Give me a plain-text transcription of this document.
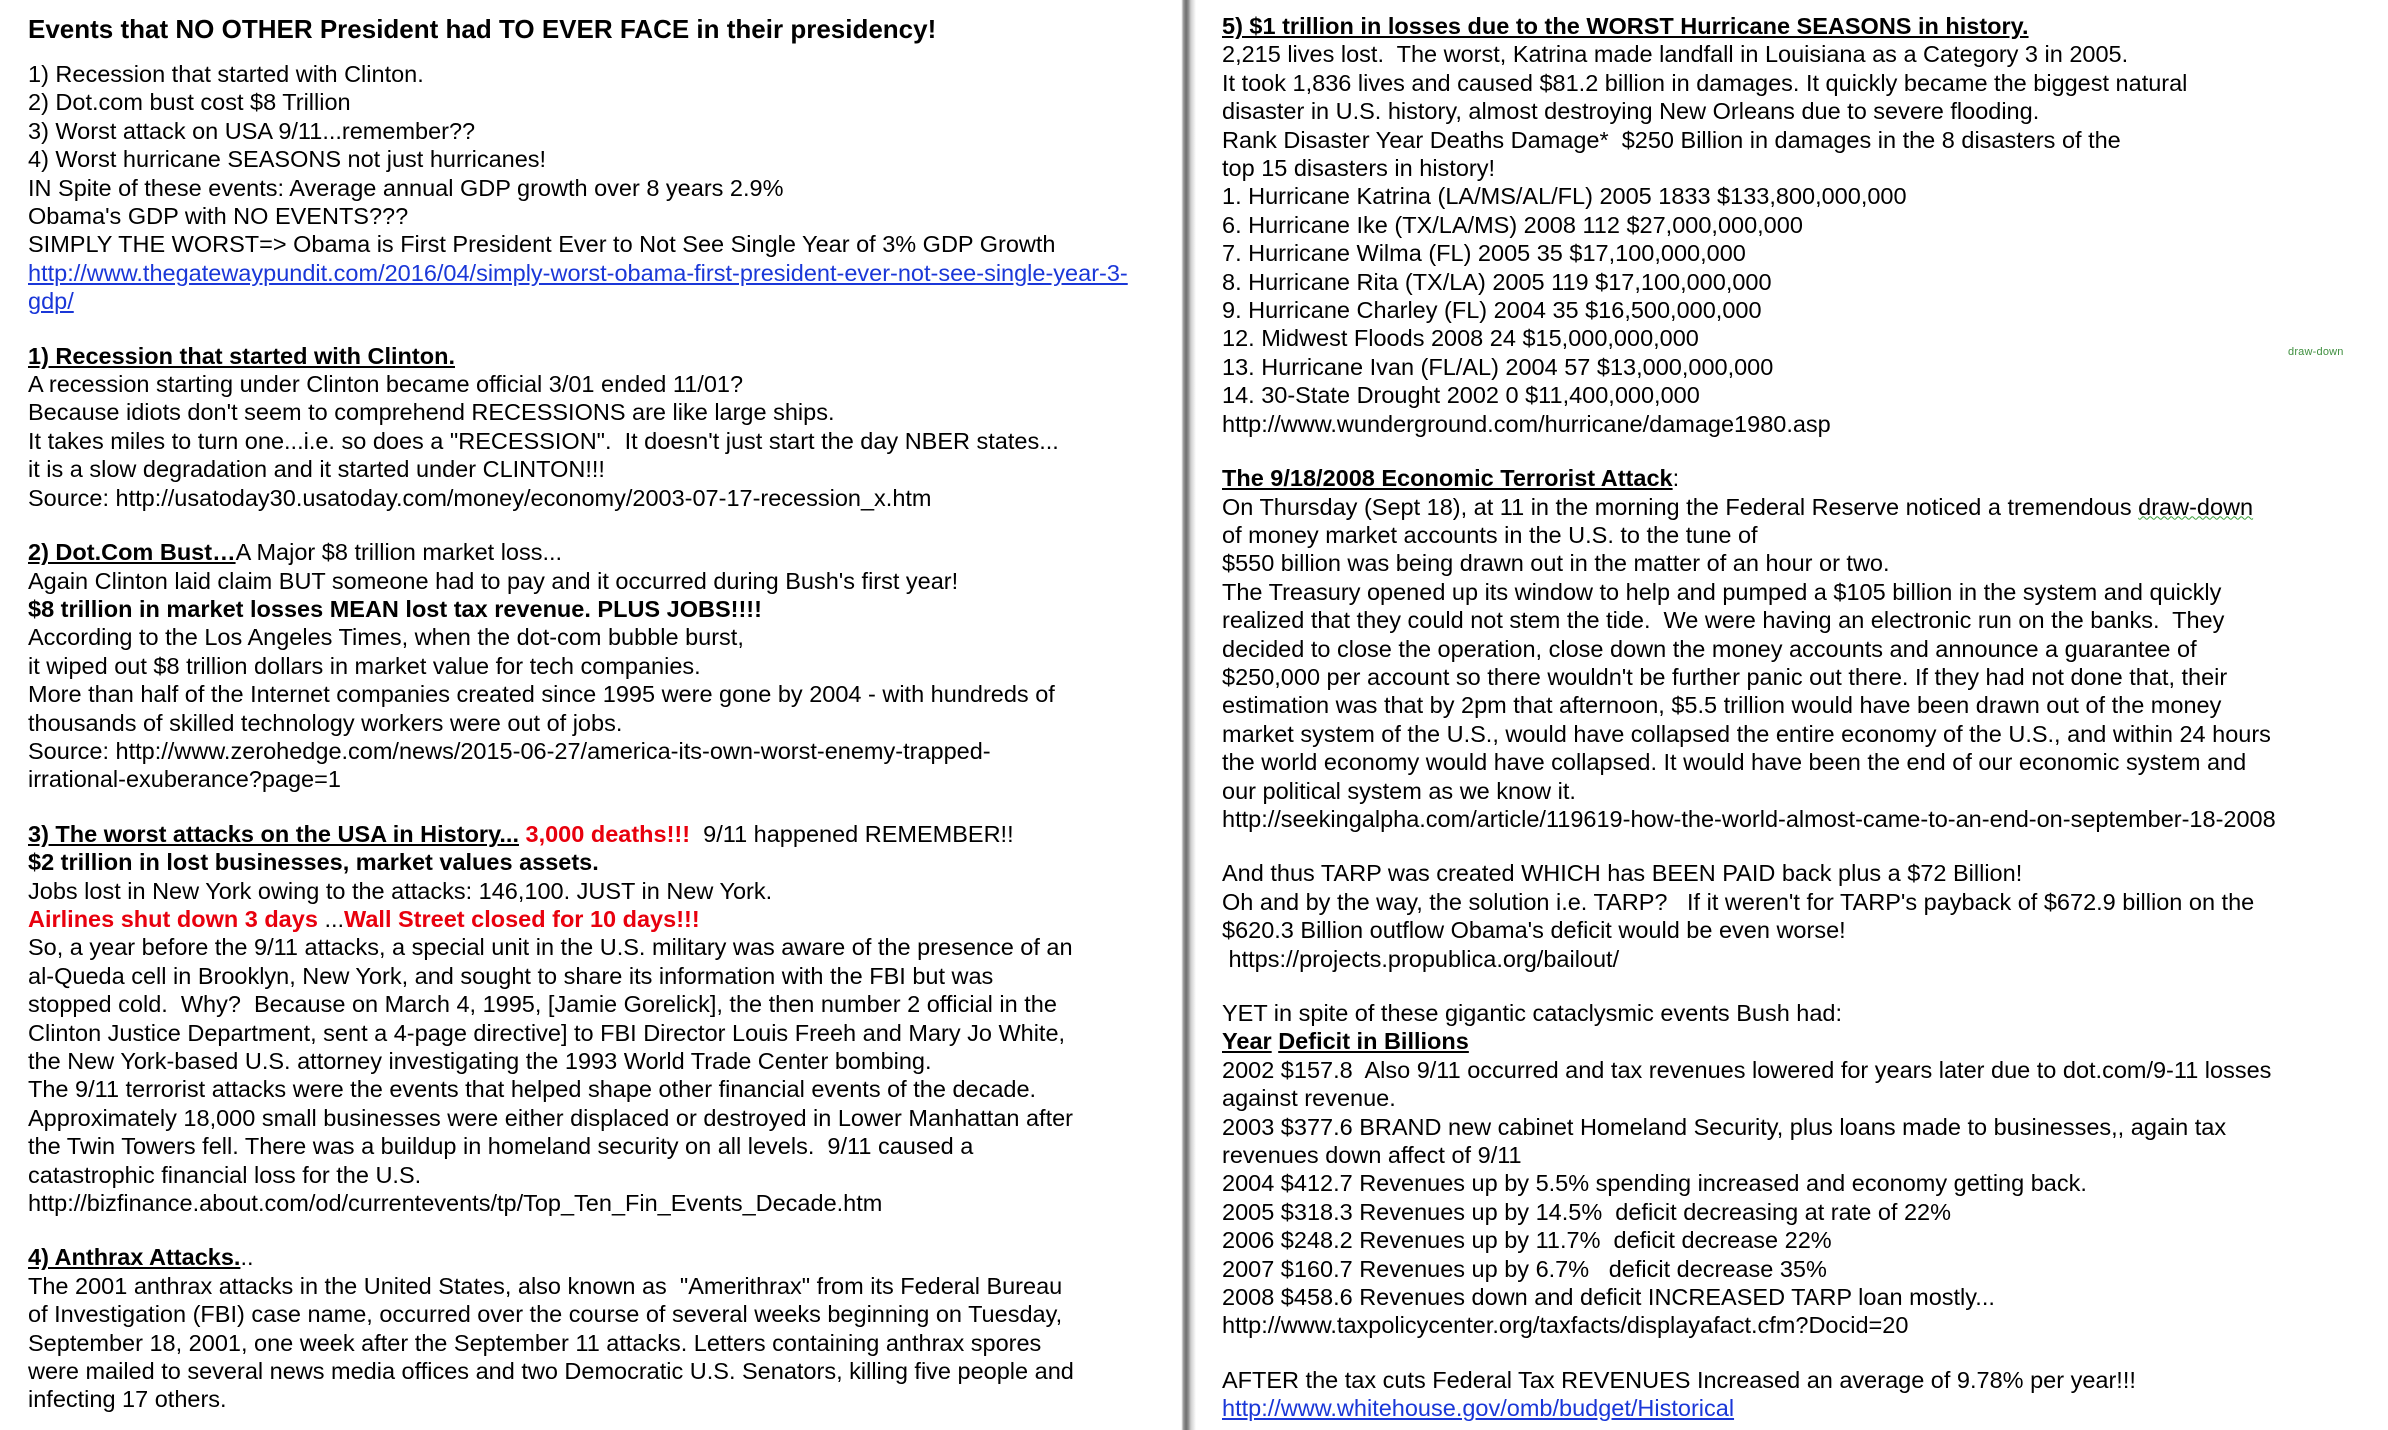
Events that NO OTHER President had TO EVER FACE in their presidency!
1) Recession that started with Clinton.
2) Dot.com bust cost $8 Trillion
3) Worst attack on USA 9/11...remember??
4) Worst hurricane SEASONS not just hurricanes!
IN Spite of these events: Average annual GDP growth over 8 years 2.9%
Obama's GDP with NO EVENTS???
SIMPLY THE WORST=> Obama is First President Ever to Not See Single Year of 3% GDP Growth
http://www.thegatewaypundit.com/2016/04/simply-worst-obama-first-president-ever-not-see-single-year-3-gdp/
1) Recession that started with Clinton.
A recession starting under Clinton became official 3/01 ended 11/01?
Because idiots don't seem to comprehend RECESSIONS are like large ships.
It takes miles to turn one...i.e. so does a "RECESSION".  It doesn't just start the day NBER states...
it is a slow degradation and it started under CLINTON!!!
Source: http://usatoday30.usatoday.com/money/economy/2003-07-17-recession_x.htm
2) Dot.Com Bust…A Major $8 trillion market loss...
Again Clinton laid claim BUT someone had to pay and it occurred during Bush's first year!
$8 trillion in market losses MEAN lost tax revenue. PLUS JOBS!!!!
According to the Los Angeles Times, when the dot-com bubble burst,
it wiped out $8 trillion dollars in market value for tech companies.
More than half of the Internet companies created since 1995 were gone by 2004 - with hundreds of
thousands of skilled technology workers were out of jobs.
Source: http://www.zerohedge.com/news/2015-06-27/america-its-own-worst-enemy-trapped-
irrational-exuberance?page=1
3) The worst attacks on the USA in History... 3,000 deaths!!! 9/11 happened REMEMBER!!
$2 trillion in lost businesses, market values assets.
Jobs lost in New York owing to the attacks: 146,100. JUST in New York.
Airlines shut down 3 days ...Wall Street closed for 10 days!!!
So, a year before the 9/11 attacks, a special unit in the U.S. military was aware of the presence of an
al-Queda cell in Brooklyn, New York, and sought to share its information with the FBI but was
stopped cold.  Why?  Because on March 4, 1995, [Jamie Gorelick], the then number 2 official in the
Clinton Justice Department, sent a 4-page directive] to FBI Director Louis Freeh and Mary Jo White,
the New York-based U.S. attorney investigating the 1993 World Trade Center bombing.
The 9/11 terrorist attacks were the events that helped shape other financial events of the decade.
Approximately 18,000 small businesses were either displaced or destroyed in Lower Manhattan after
the Twin Towers fell. There was a buildup in homeland security on all levels.  9/11 caused a
catastrophic financial loss for the U.S.
http://bizfinance.about.com/od/currentevents/tp/Top_Ten_Fin_Events_Decade.htm
4) Anthrax Attacks...
The 2001 anthrax attacks in the United States, also known as  "Amerithrax" from its Federal Bureau
of Investigation (FBI) case name, occurred over the course of several weeks beginning on Tuesday,
September 18, 2001, one week after the September 11 attacks. Letters containing anthrax spores
were mailed to several news media offices and two Democratic U.S. Senators, killing five people and
infecting 17 others.
5) $1 trillion in losses due to the WORST Hurricane SEASONS in history.
2,215 lives lost.  The worst, Katrina made landfall in Louisiana as a Category 3 in 2005.
It took 1,836 lives and caused $81.2 billion in damages. It quickly became the biggest natural
disaster in U.S. history, almost destroying New Orleans due to severe flooding.
Rank Disaster Year Deaths Damage*  $250 Billion in damages in the 8 disasters of the
top 15 disasters in history!
1. Hurricane Katrina (LA/MS/AL/FL) 2005 1833 $133,800,000,000
6. Hurricane Ike (TX/LA/MS) 2008 112 $27,000,000,000
7. Hurricane Wilma (FL) 2005 35 $17,100,000,000
8. Hurricane Rita (TX/LA) 2005 119 $17,100,000,000
9. Hurricane Charley (FL) 2004 35 $16,500,000,000
12. Midwest Floods 2008 24 $15,000,000,000
13. Hurricane Ivan (FL/AL) 2004 57 $13,000,000,000
14. 30-State Drought 2002 0 $11,400,000,000
http://www.wunderground.com/hurricane/damage1980.asp
The 9/18/2008 Economic Terrorist Attack:
On Thursday (Sept 18), at 11 in the morning the Federal Reserve noticed a tremendous draw-down
of money market accounts in the U.S. to the tune of
$550 billion was being drawn out in the matter of an hour or two.
The Treasury opened up its window to help and pumped a $105 billion in the system and quickly
realized that they could not stem the tide.  We were having an electronic run on the banks.  They
decided to close the operation, close down the money accounts and announce a guarantee of
$250,000 per account so there wouldn't be further panic out there. If they had not done that, their
estimation was that by 2pm that afternoon, $5.5 trillion would have been drawn out of the money
market system of the U.S., would have collapsed the entire economy of the U.S., and within 24 hours
the world economy would have collapsed. It would have been the end of our economic system and
our political system as we know it.
http://seekingalpha.com/article/119619-how-the-world-almost-came-to-an-end-on-september-18-2008
And thus TARP was created WHICH has BEEN PAID back plus a $72 Billion!
Oh and by the way, the solution i.e. TARP?   If it weren't for TARP's payback of $672.9 billion on the
$620.3 Billion outflow Obama's deficit would be even worse!
https://projects.propublica.org/bailout/
YET in spite of these gigantic cataclysmic events Bush had:
Year Deficit in Billions
2002 $157.8  Also 9/11 occurred and tax revenues lowered for years later due to dot.com/9-11 losses
against revenue.
2003 $377.6 BRAND new cabinet Homeland Security, plus loans made to businesses,, again tax
revenues down affect of 9/11
2004 $412.7 Revenues up by 5.5% spending increased and economy getting back.
2005 $318.3 Revenues up by 14.5%  deficit decreasing at rate of 22%
2006 $248.2 Revenues up by 11.7%  deficit decrease 22%
2007 $160.7 Revenues up by 6.7%   deficit decrease 35%
2008 $458.6 Revenues down and deficit INCREASED TARP loan mostly...
http://www.taxpolicycenter.org/taxfacts/displayafact.cfm?Docid=20
AFTER the tax cuts Federal Tax REVENUES Increased an average of 9.78% per year!!!
http://www.whitehouse.gov/omb/budget/Historical
draw-down
